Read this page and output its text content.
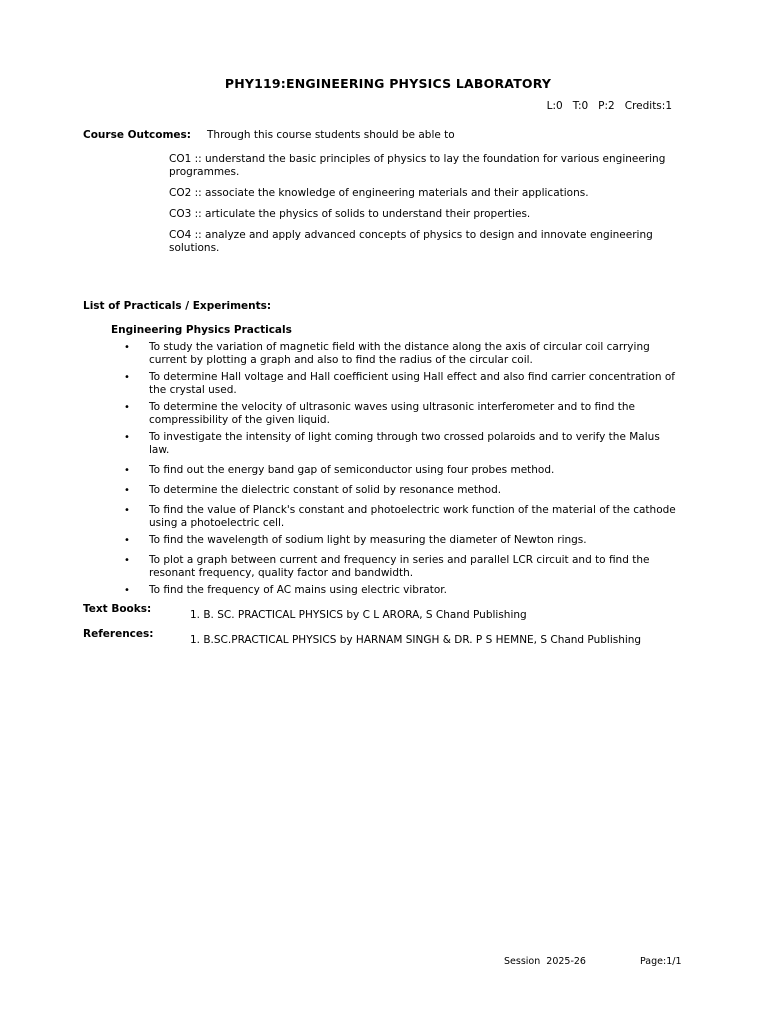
PHY119:ENGINEERING PHYSICS LABORATORY
L:0 T:0 P:2 Credits:1
Course Outcomes: Through this course students should be able to
CO1 :: understand the basic principles of physics to lay the foundation for various engineering programmes.
CO2 :: associate the knowledge of engineering materials and their applications.
CO3 :: articulate the physics of solids to understand their properties.
CO4 :: analyze and apply advanced concepts of physics to design and innovate engineering solutions.
List of Practicals / Experiments:
Engineering Physics Practicals
• To study the variation of magnetic field with the distance along the axis of circular coil carrying current by plotting a graph and also to find the radius of the circular coil.
• To determine Hall voltage and Hall coefficient using Hall effect and also find carrier concentration of the crystal used.
• To determine the velocity of ultrasonic waves using ultrasonic interferometer and to find the compressibility of the given liquid.
• To investigate the intensity of light coming through two crossed polaroids and to verify the Malus law.
• To find out the energy band gap of semiconductor using four probes method.
• To determine the dielectric constant of solid by resonance method.
• To find the value of Planck's constant and photoelectric work function of the material of the cathode using a photoelectric cell.
• To find the wavelength of sodium light by measuring the diameter of Newton rings.
• To plot a graph between current and frequency in series and parallel LCR circuit and to find the resonant frequency, quality factor and bandwidth.
• To find the frequency of AC mains using electric vibrator.
Text Books:	1. B. SC. PRACTICAL PHYSICS by C L ARORA, S Chand Publishing
References:	1. B.SC.PRACTICAL PHYSICS by HARNAM SINGH & DR. P S HEMNE, S Chand Publishing
Session  2025-26	Page:1/1
